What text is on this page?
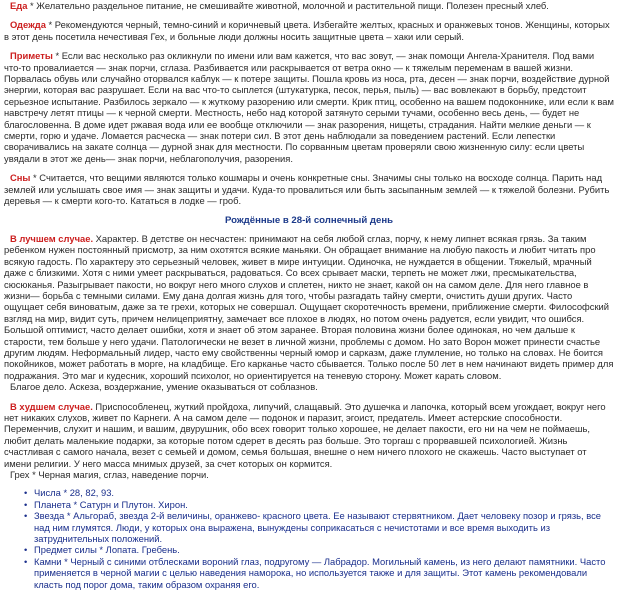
Еда * Желательно раздельное питание, не смешивайте животной, молочной и растительной пищи. Полезен пресный хлеб.

Одежда * Рекомендуются черный, темно-синий и коричневый цвета. Избегайте желтых, красных и оранжевых тонов. Женщины, которых в этот день посетила нечестивая Гех, и больные люди должны носить защитные цвета – хаки или серый.

Приметы * Если вас несколько раз окликнули по имени или вам кажется, что вас зовут, — знак помощи Ангела-Хранителя. Под вами что-то провалиается — знак порчи, сглаза. Разбивается или раскрывается от ветра окно — к тяжелым переменам в вашей жизни. Порвалась обувь или случайно оторвался каблук — к потере защиты. Пошла кровь из носа, рта, десен — знак порчи, воздействие дурной энергии, которая вас разрушает. Если на вас что-то сыплется (штукатурка, песок, перья, пыль) — вас вовлекают в борьбу, предстоит серьезное испытание. Разбилось зеркало — к жуткому разорению или смерти. Крик птиц, особенно на вашем подоконнике, или если к вам навстречу летят птицы — к черной смерти. Местность, небо над которой затянуто серыми тучами, особенно весь день, — будет не благословенна. В доме идет ржавая вода или ее вообще отключили — знак разорения, нищеты, страдания. Найти мелкие деньги — к смерти, горю и удаче. Ломается расческа — знак потери сил. В этот день наблюдали за поведением растений. Если лепестки сворачивались на закате солнца — дурной знак для местности. По сорванным цветам проверяли свою жизненную силу: если цветы увядали в этот же день— знак порчи, неблагополучия, разорения.

Сны * Считается, что вещими являются только кошмары и очень конкретные сны. Значимы сны только на восходе солнца. Парить над землей или услышать свое имя — знак защиты и удачи. Куда-то провалиться или быть засыпанным землей — к тяжелой болезни. Рубить деревья — к смерти кого-то. Кататься в лодке — гроб.

Рождённые в 28-й солнечный день

В лучшем случае. Характер. В детстве он несчастен: принимают на себя любой сглаз, порчу, к нему липнет всякая грязь. За таким ребенком нужен постоянный присмотр, за ним охотятся всякие маньяки. Он обращает внимание на любую пакость и любит читать про всякую гадость. По характеру это серьезный человек, живет в мире интуиции. Одиночка, не нуждается в общении. Тяжелый, мрачный даже с близкими. Хотя с ними умеет раскрываться, радоваться. Со всех срывает маски, терпеть не может лжи, пресмыкательства, сюсюканья. Разыгрывает пакости, но вокруг него много слухов и сплетен, никто не знает, какой он на самом деле. Для него главное в жизни— борьба с темными силами. Ему дана долгая жизнь для того, чтобы разгадать тайну смерти, очистить души других. Часто ощущает себя виноватым, даже за те грехи, которых не совершал. Ощущает скоротечность времени, приближение смерти. Философский взгляд на мир, видит суть, причем нелицеприятну, замечает все плохое в людях, но потом очень радуется, если увидит, что ошибся. Большой оптимист, часто делает ошибки, хотя и знает об этом заранее. Вторая половина жизни более одинокая, но чем дальше к старости, тем больше у него удачи. Патологически не везет в личной жизни, проблемы с домом. Но зато Ворон может принести счастье другим людям. Неформальный лидер, часто ему свойственны черный юмор и сарказм, даже глумление, но только на словах. Не боится покойников, может работать в морге, на кладбище. Его карканье часто сбывается. Только после 50 лет в нем начинают видеть пример для подражания. Это маг и кудесник, хороший психолог, но ориентируется на теневую сторону. Может карать словом.

Благое дело. Аскеза, воздержание, умение оказываться от соблазнов.

В худшем случае. Приспособленец, жуткий пройдоха, липучий, слащавый. Это душечка и лапочка, который всем угождает, вокруг него нет никаких слухов, живет по Карнеги. А на самом деле — подонок и паразит, эгоист, предатель. Имеет астерские способности. Переменчив, слухит и нашим, и вашим, двурушник, обо всех говорит только хорошее, не делает пакости, его ни на чем не поймаешь, любит делать маленькие подарки, за которые потом сдерет в десять раз больше. Это торгаш с прорвавшей психологией. Жизнь счастливая с самого начала, везет с семьей и домом, семья большая, внешне о нем ничего плохого не скажешь. Часто выступает от имени религии. У него масса мнимых друзей, за счет которых он кормится.

Грех * Черная магия, сглаз, наведение порчи.

• Числа * 28, 82, 93.
• Планета * Сатурн и Плутон. Хирон.
• Звезда * Альгораб, звезда 2-й величины, оранжево- красного цвета. Ее называют стервятником. Дает человеку позор и грязь, все над ним глумятся. Люди, у которых она выражена, вынуждены соприкасаться с нечистотами и все время выходить из затруднительных положений.
• Предмет силы * Лопата. Гребень.
• Камни * Черный с синими отблесками вороний глаз, подругому — Лабрадор. Могильный камень, из него делают памятники. Часто применяется в черной магии с целью наведения наморока, но используется также и для защиты. Этот камень рекомендовали класть под порог дома, таким образом охраняя его.
